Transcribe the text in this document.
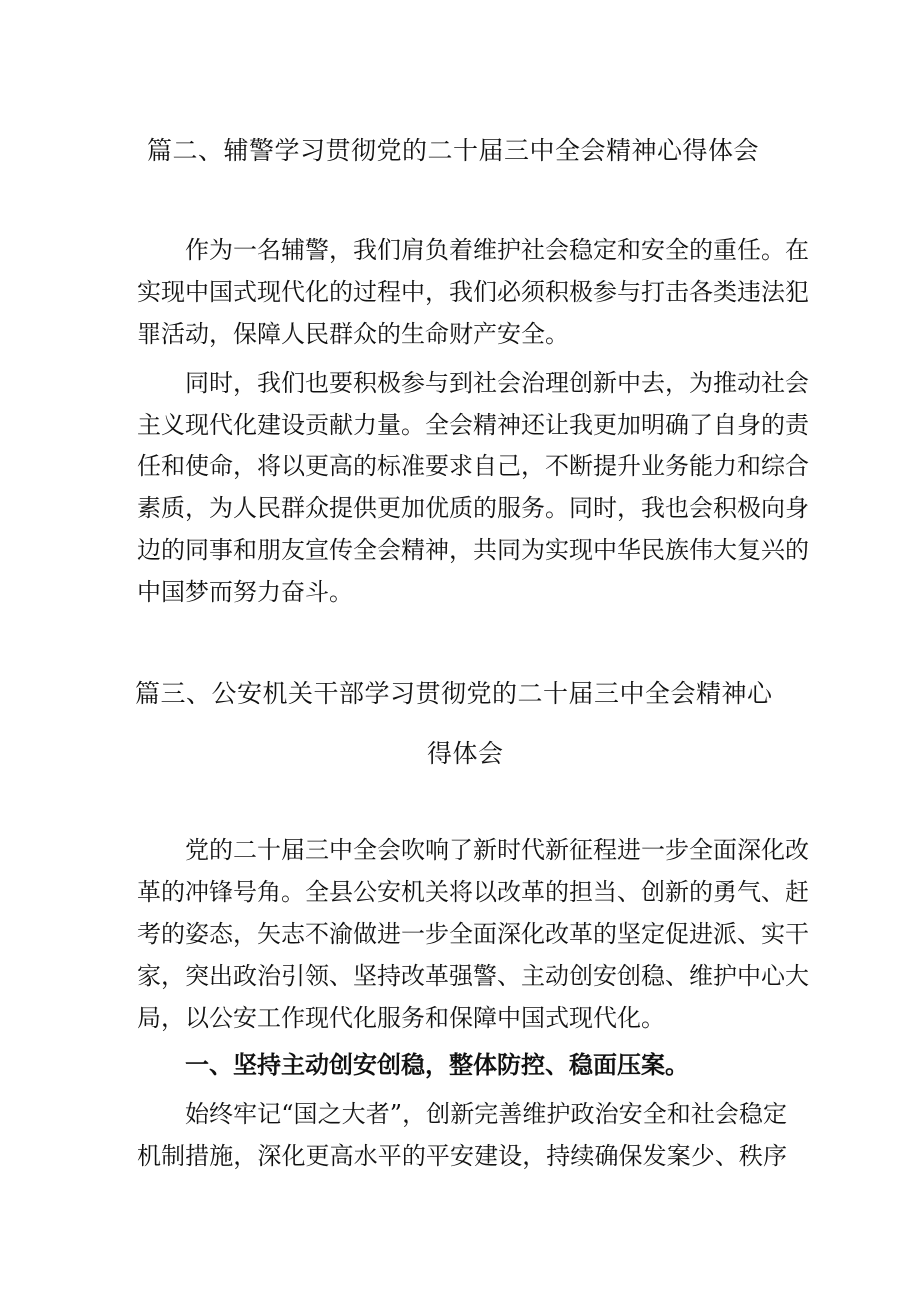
篇二、辅警学习贯彻党的二十届三中全会精神心得体会

作为一名辅警，我们肩负着维护社会稳定和安全的重任。在

实现中国式现代化的过程中，我们必须积极参与打击各类违法犯

罪活动，保障人民群众的生命财产安全。

同时，我们也要积极参与到社会治理创新中去，为推动社会

主义现代化建设贡献力量。全会精神还让我更加明确了自身的责

任和使命，将以更高的标准要求自己，不断提升业务能力和综合

素质，为人民群众提供更加优质的服务。同时，我也会积极向身

边的同事和朋友宣传全会精神，共同为实现中华民族伟大复兴的

中国梦而努力奋斗。

篇三、公安机关干部学习贯彻党的二十届三中全会精神心
得体会

党的二十届三中全会吹响了新时代新征程进一步全面深化改

革的冲锋号角。全县公安机关将以改革的担当、创新的勇气、赶

考的姿态，矢志不渝做进一步全面深化改革的坚定促进派、实干

家，突出政治引领、坚持改革强警、主动创安创稳、维护中心大

局，以公安工作现代化服务和保障中国式现代化。

一、坚持主动创安创稳，整体防控、稳面压案。

始终牢记“国之大者”，创新完善维护政治安全和社会稳定

机制措施，深化更高水平的平安建设，持续确保发案少、秩序
